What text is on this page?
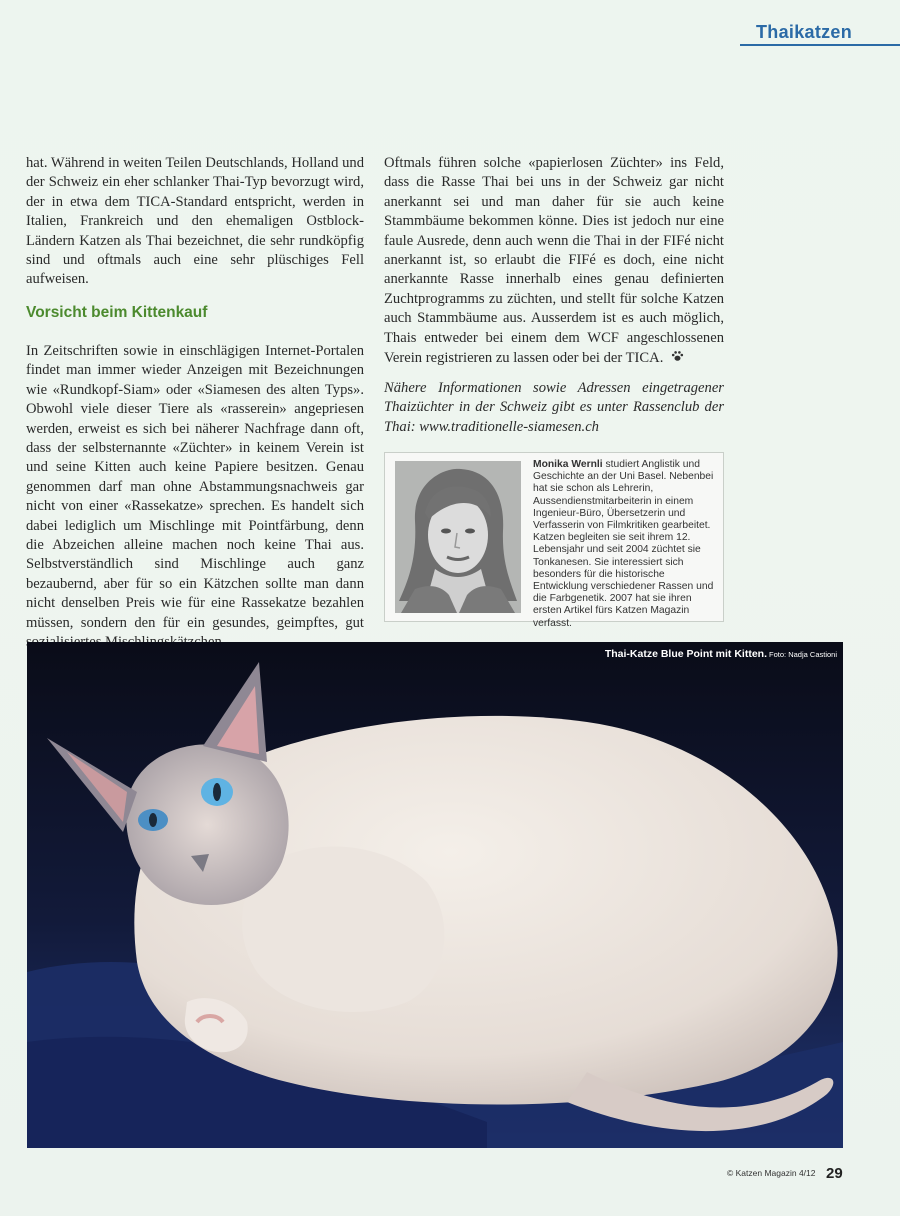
Thaikatzen

hat. Während in weiten Teilen Deutschlands, Holland und der Schweiz ein eher schlanker Thai-Typ bevorzugt wird, der in etwa dem TICA-Standard entspricht, werden in Italien, Frankreich und den ehemaligen Ostblock-Ländern Katzen als Thai bezeichnet, die sehr rundköpfig sind und oftmals auch eine sehr plüschiges Fell aufweisen.

Vorsicht beim Kittenkauf

In Zeitschriften sowie in einschlägigen Internet-Portalen findet man immer wieder Anzeigen mit Bezeichnungen wie «Rundkopf-Siam» oder «Siamesen des alten Typs». Obwohl viele dieser Tiere als «rasserein» angepriesen werden, erweist es sich bei näherer Nachfrage dann oft, dass der selbsternannte «Züchter» in keinem Verein ist und seine Kitten auch keine Papiere besitzen. Genau genommen darf man ohne Abstammungsnachweis gar nicht von einer «Rassekatze» sprechen. Es handelt sich dabei lediglich um Mischlinge mit Pointfärbung, denn die Abzeichen alleine machen noch keine Thai aus. Selbstverständlich sind Mischlinge auch ganz bezaubernd, aber für so ein Kätzchen sollte man dann nicht denselben Preis wie für eine Rassekatze bezahlen müssen, sondern den für ein gesundes, geimpftes, gut

Oftmals führen solche «papierlosen Züchter» ins Feld, dass die Rasse Thai bei uns in der Schweiz gar nicht anerkannt sei und man daher für sie auch keine Stammbäume bekommen könne. Dies ist jedoch nur eine faule Ausrede, denn auch wenn die Thai in der FIFé nicht anerkannt ist, so erlaubt die FIFé es doch, eine nicht anerkannte Rasse innerhalb eines genau definierten Zuchtprogramms zu züchten, und stellt für solche Katzen auch Stammbäume aus. Ausserdem ist es auch möglich, Thais entweder bei einem dem WCF angeschlossenen Verein registrieren zu lassen oder bei der TICA.

Nähere Informationen sowie Adressen eingetragener Thaizüchter in der Schweiz gibt es unter Rassenclub der Thai: www.traditionelle-siamesen.ch

Monika Wernli studiert Anglistik und Geschichte an der Uni Basel. Nebenbei hat sie schon als Lehrerin, Aussendienstmitarbeiterin in einem Ingenieur-Büro, Übersetzerin und Verfasserin von Filmkritiken gearbeitet. Katzen begleiten sie seit ihrem 12. Lebensjahr und seit 2004 züchtet sie Tonkanesen. Sie interessiert sich besonders für die historische Entwicklung verschiedener Rassen und die Farbgenetik. 2007 hat sie ihren ersten Artikel fürs Katzen Magazin verfasst.
Thai-Katze Blue Point mit Kitten. Foto: Nadja Castioni
© Katzen Magazin 4/12 29
